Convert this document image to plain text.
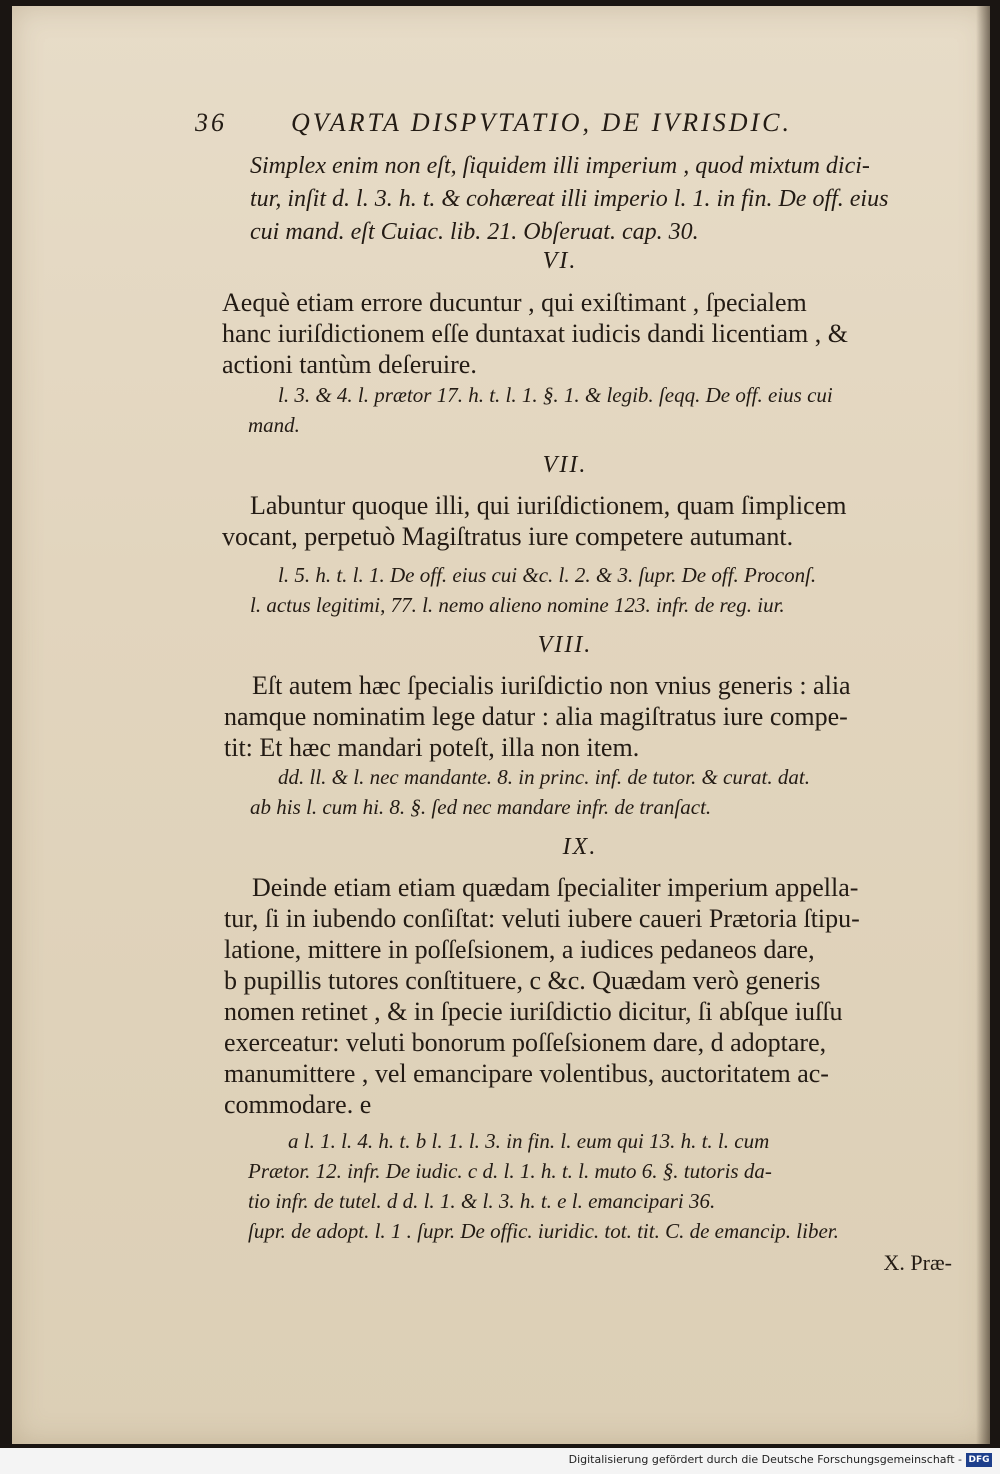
36 QVARTA DISPVTATIO, DE IVRISDIC.
Simplex enim non eſt, ſiquidem illi imperium , quod mixtum dici-
tur, inſit d. l. 3. h. t. & cohæreat illi imperio l. 1. in fin. De off. eius
cui mand. eſt Cuiac. lib. 21. Obſeruat. cap. 30.
VI.
Aequè etiam errore ducuntur , qui exiſtimant , ſpecialem
hanc iuriſdictionem eſſe duntaxat iudicis dandi licentiam , &
actioni tantùm deſeruire.
l. 3. & 4. l. prætor 17. h. t. l. 1. §. 1. & legib. ſeqq. De off. eius cui
mand.
VII.
Labuntur quoque illi, qui iuriſdictionem, quam ſimplicem
vocant, perpetuò Magiſtratus iure competere autumant.
l. 5. h. t. l. 1. De off. eius cui &c. l. 2. & 3. ſupr. De off. Proconſ.
l. actus legitimi, 77. l. nemo alieno nomine 123. infr. de reg. iur.
VIII.
Eſt autem hæc ſpecialis iuriſdictio non vnius generis : alia
namque nominatim lege datur : alia magiſtratus iure compe-
tit: Et hæc mandari poteſt, illa non item.
dd. ll. & l. nec mandante. 8. in princ. inf. de tutor. & curat. dat.
ab his l. cum hi. 8. §. ſed nec mandare infr. de tranſact.
IX.
Deinde etiam etiam quædam ſpecialiter imperium appella-
tur, ſi in iubendo conſiſtat: veluti iubere caueri Prætoria ſtipu-
latione, mittere in poſſeſsionem, a iudices pedaneos dare,
b pupillis tutores conſtituere, c &c. Quædam verò generis
nomen retinet , & in ſpecie iuriſdictio dicitur, ſi abſque iuſſu
exerceatur: veluti bonorum poſſeſsionem dare, d adoptare,
manumittere , vel emancipare volentibus, auctoritatem ac-
commodare. e
a l. 1. l. 4. h. t. b l. 1. l. 3. in fin. l. eum qui 13. h. t. l. cum
Prætor. 12. infr. De iudic. c d. l. 1. h. t. l. muto 6. §. tutoris da-
tio infr. de tutel. d d. l. 1. & l. 3. h. t. e l. emancipari 36.
ſupr. de adopt. l. 1 . ſupr. De offic. iuridic. tot. tit. C. de emancip. liber.
X. Præ-
Digitalisierung gefördert durch die Deutsche Forschungsgemeinschaft - DFG
